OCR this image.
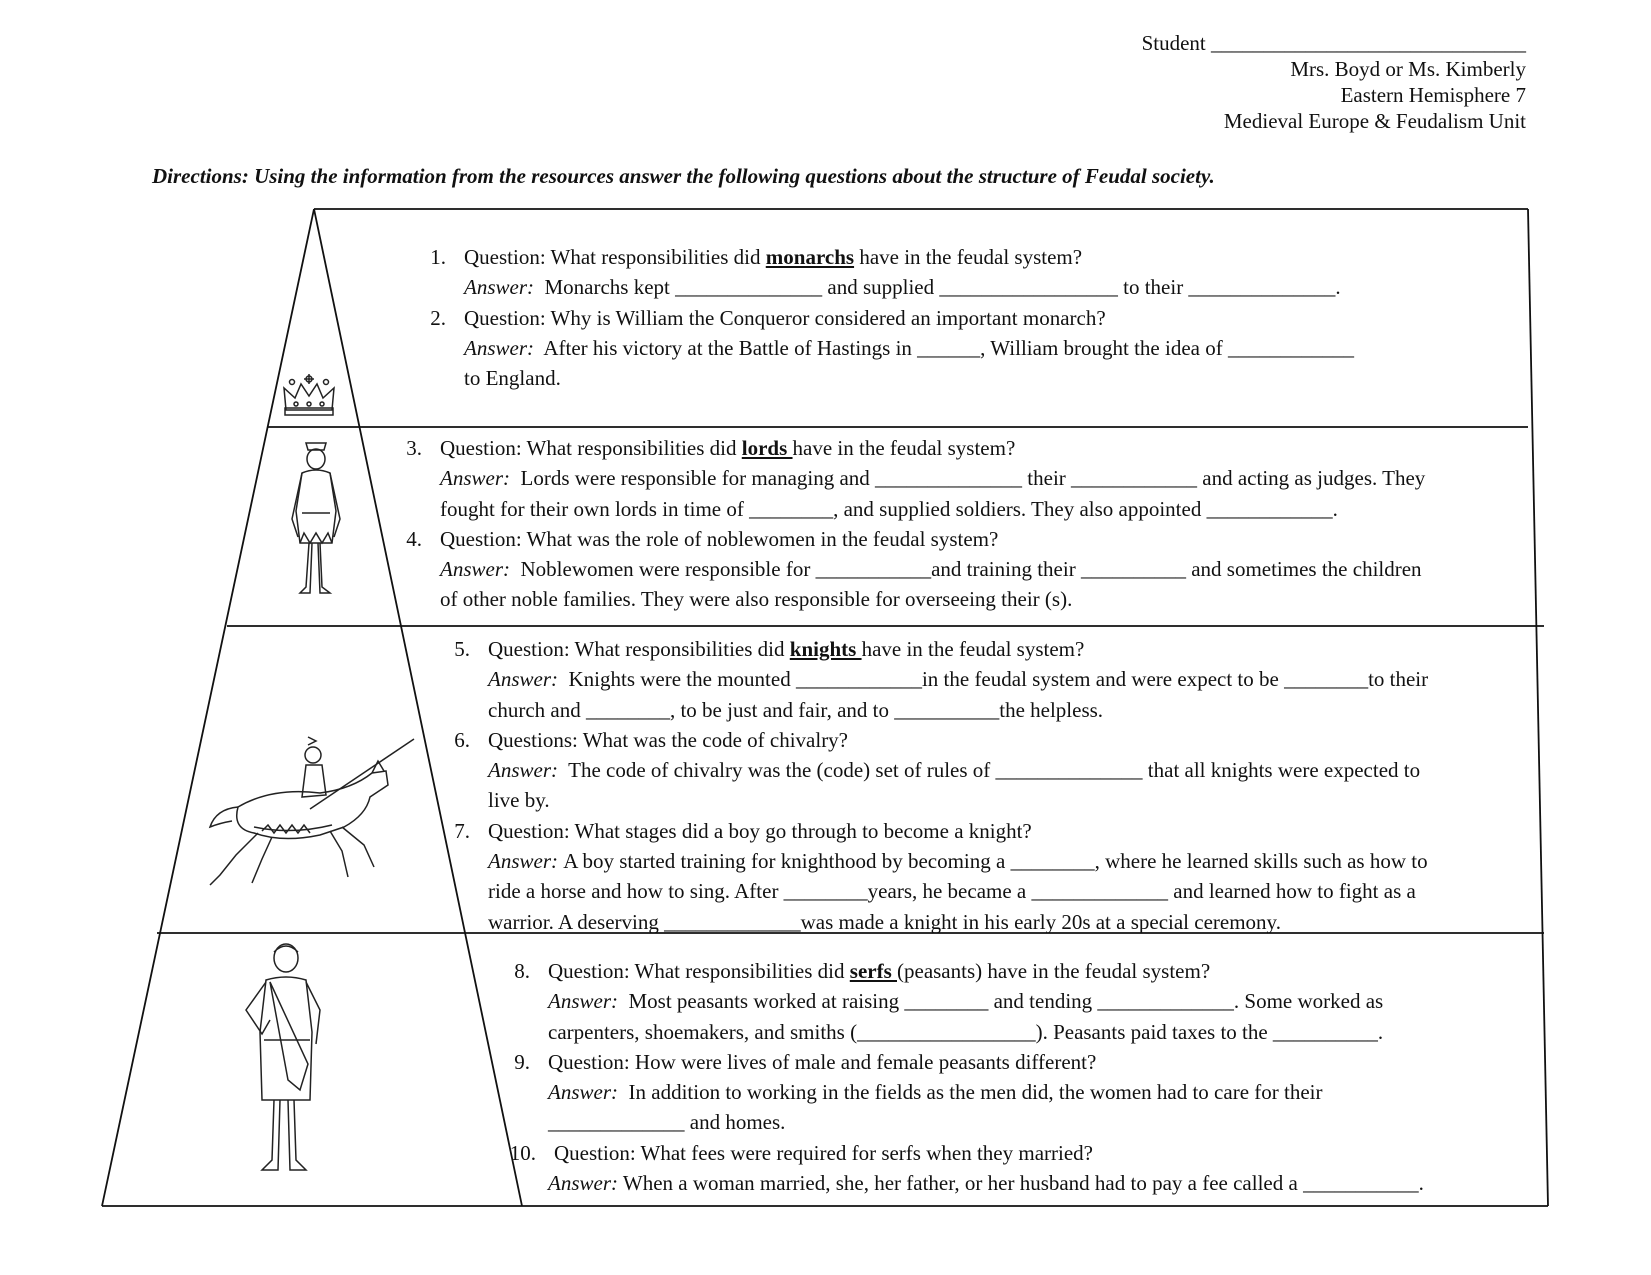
Student ______________________________
Mrs. Boyd or Ms. Kimberly
Eastern Hemisphere 7
Medieval Europe & Feudalism Unit
Directions: Using the information from the resources answer the following questions about the structure of Feudal society.
1. Question: What responsibilities did monarchs have in the feudal system?
Answer: Monarchs kept ______________ and supplied _________________ to their ______________.
2. Question: Why is William the Conqueror considered an important monarch?
Answer: After his victory at the Battle of Hastings in ______, William brought the idea of ____________
to England.
3. Question: What responsibilities did lords have in the feudal system?
Answer: Lords were responsible for managing and ______________ their ____________ and acting as judges. They
fought for their own lords in time of ________, and supplied soldiers. They also appointed ____________.
4. Question: What was the role of noblewomen in the feudal system?
Answer: Noblewomen were responsible for ___________and training their __________ and sometimes the children
of other noble families. They were also responsible for overseeing their (s).
5. Question: What responsibilities did knights have in the feudal system?
Answer: Knights were the mounted ____________in the feudal system and were expect to be ________to their
church and ________, to be just and fair, and to __________the helpless.
6. Questions: What was the code of chivalry?
Answer: The code of chivalry was the (code) set of rules of ______________ that all knights were expected to
live by.
7. Question: What stages did a boy go through to become a knight?
Answer: A boy started training for knighthood by becoming a ________, where he learned skills such as how to
ride a horse and how to sing. After ________years, he became a _____________ and learned how to fight as a
warrior. A deserving _____________was made a knight in his early 20s at a special ceremony.
8. Question: What responsibilities did serfs (peasants) have in the feudal system?
Answer: Most peasants worked at raising ________ and tending _____________. Some worked as
carpenters, shoemakers, and smiths (_________________). Peasants paid taxes to the __________.
9. Question: How were lives of male and female peasants different?
Answer: In addition to working in the fields as the men did, the women had to care for their
_____________ and homes.
10. Question: What fees were required for serfs when they married?
Answer: When a woman married, she, her father, or her husband had to pay a fee called a ___________.
